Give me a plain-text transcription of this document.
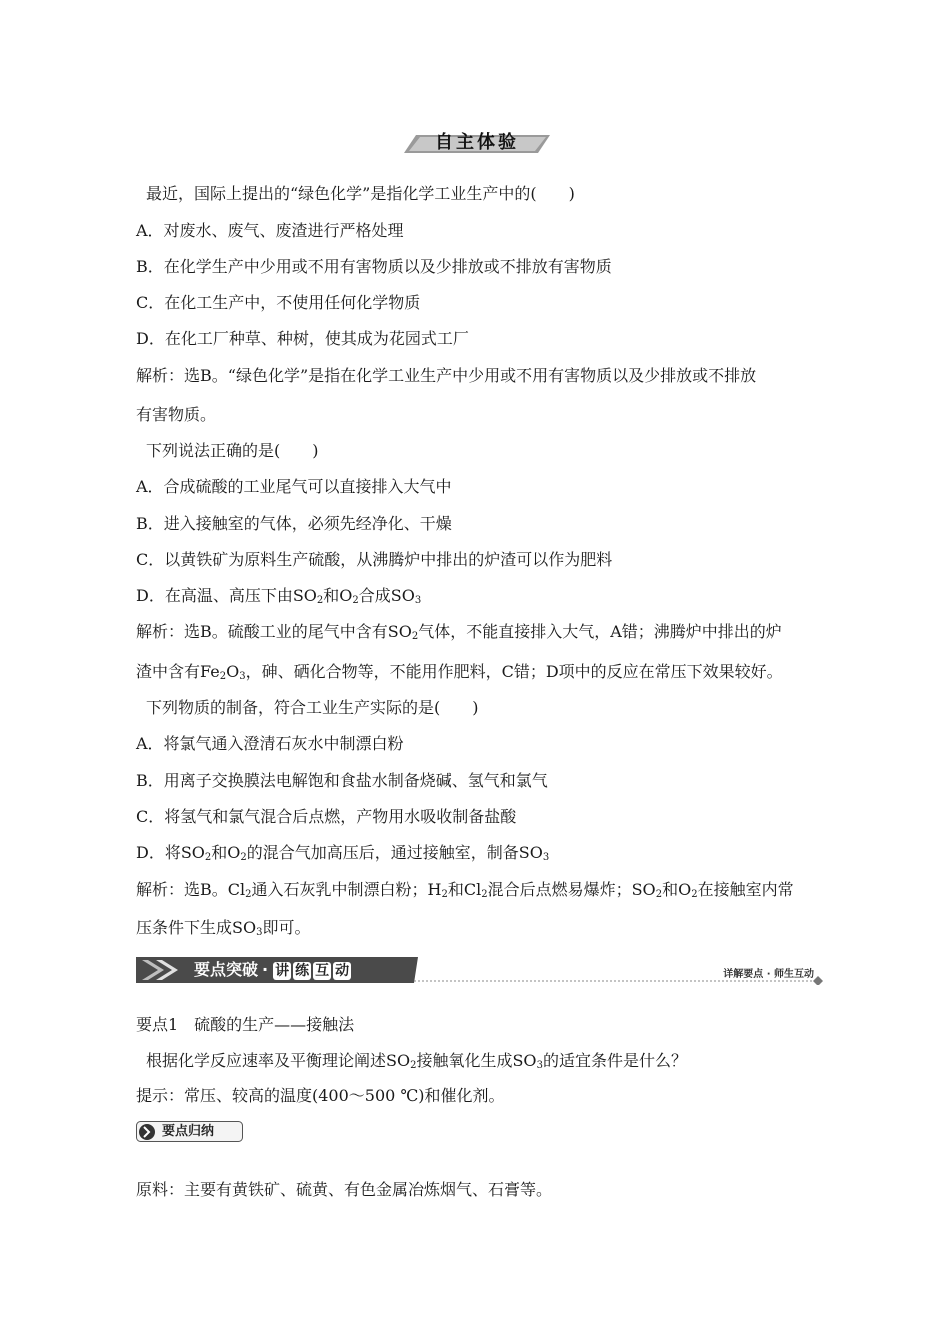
自主体验
最近，国际上提出的“绿色化学”是指化学工业生产中的(　　)
A．对废水、废气、废渣进行严格处理
B．在化学生产中少用或不用有害物质以及少排放或不排放有害物质
C．在化工生产中，不使用任何化学物质
D．在化工厂种草、种树，使其成为花园式工厂
解析：选B。“绿色化学”是指在化学工业生产中少用或不用有害物质以及少排放或不排放
有害物质。
下列说法正确的是(　　)
A．合成硫酸的工业尾气可以直接排入大气中
B．进入接触室的气体，必须先经净化、干燥
C．以黄铁矿为原料生产硫酸，从沸腾炉中排出的炉渣可以作为肥料
D．在高温、高压下由$SO_2$和$O_2$合成$SO_3$
解析：选B。硫酸工业的尾气中含有$SO_2$气体，不能直接排入大气，A错；沸腾炉中排出的炉
渣中含有$Fe_2O_3$，砷、硒化合物等，不能用作肥料，C错；D项中的反应在常压下效果较好。
下列物质的制备，符合工业生产实际的是(　　)
A．将氯气通入澄清石灰水中制漂白粉
B．用离子交换膜法电解饱和食盐水制备烧碱、氢气和氯气
C．将氢气和氯气混合后点燃，产物用水吸收制备盐酸
D．将$SO_2$和$O_2$的混合气加高压后，通过接触室，制备$SO_3$
解析：选B。$Cl_2$通入石灰乳中制漂白粉；$H_2$和$Cl_2$混合后点燃易爆炸；$SO_2$和$O_2$在接触室内常
压条件下生成$SO_3$即可。
要点突破 · 讲 练 互 动	详解要点 · 师生互动
要点1　硫酸的生产——接触法
根据化学反应速率及平衡理论阐述$SO_2$接触氧化生成$SO_3$的适宜条件是什么？
提示：常压、较高的温度(400～500 ℃)和催化剂。
要点归纳
原料：主要有黄铁矿、硫黄、有色金属冶炼烟气、石膏等。
